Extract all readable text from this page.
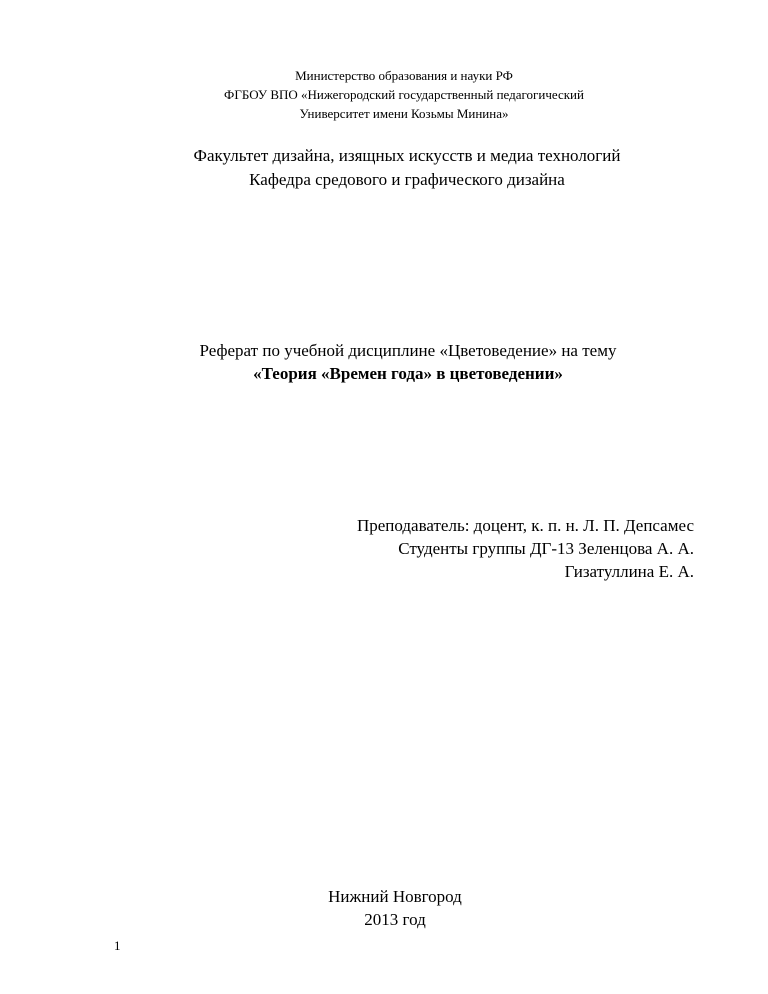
Министерство образования и науки РФ
ФГБОУ ВПО «Нижегородский государственный педагогический
Университет имени Козьмы Минина»
Факультет дизайна, изящных искусств и медиа технологий
Кафедра средового и графического дизайна
Реферат по учебной дисциплине «Цветоведение» на тему
«Теория «Времен года» в цветоведении»
Преподаватель: доцент, к. п. н. Л. П. Депсамес
Студенты группы ДГ-13 Зеленцова А. А.
Гизатуллина Е. А.
Нижний Новгород
2013 год
1
